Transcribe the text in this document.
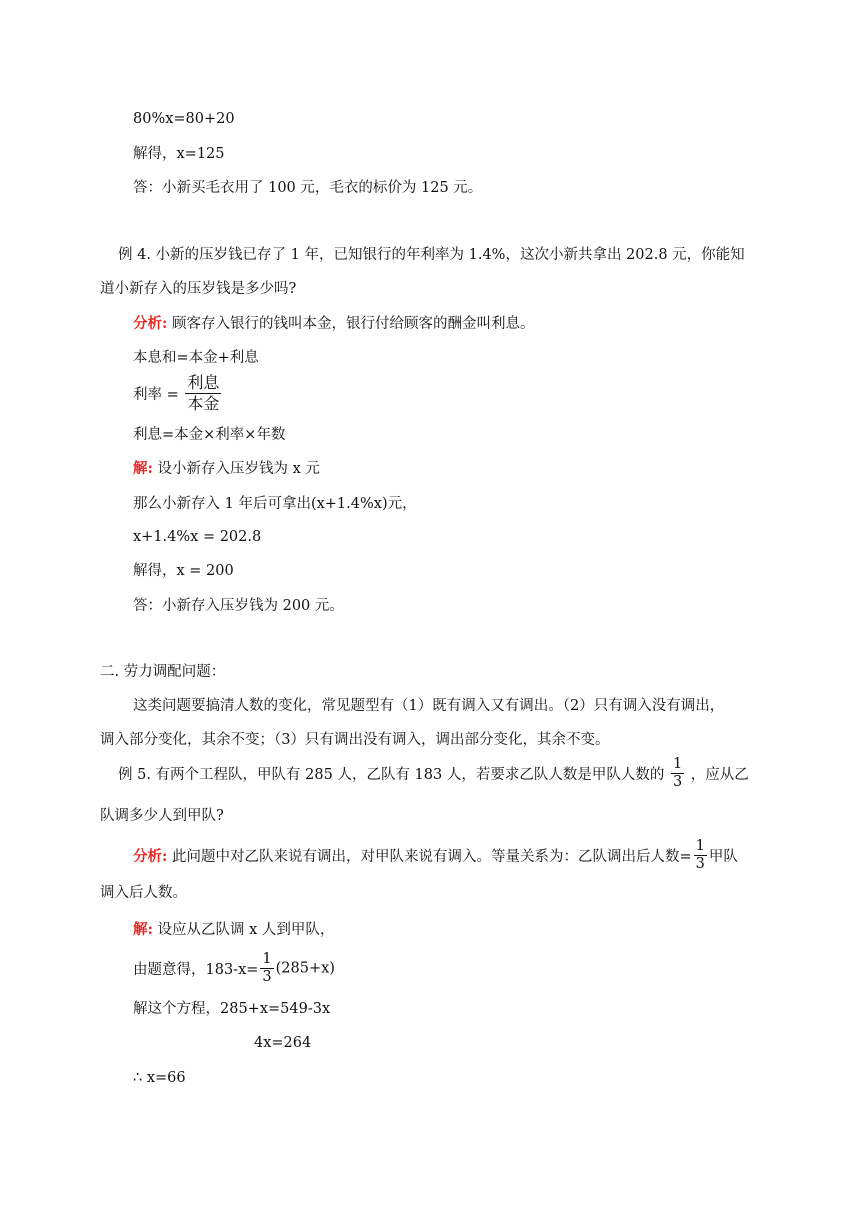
80%x=80+20
解得，x=125
答：小新买毛衣用了 100 元，毛衣的标价为 125 元。
例 4. 小新的压岁钱已存了 1 年，已知银行的年利率为 1.4%，这次小新共拿出 202.8 元，你能知
道小新存入的压岁钱是多少吗?
分析: 顾客存入银行的钱叫本金，银行付给顾客的酬金叫利息。
本息和=本金+利息
利率 = $\frac{\text{利息}}{\text{本金}}$
利息=本金×利率×年数
解: 设小新存入压岁钱为 x 元
那么小新存入 1 年后可拿出(x+1.4%x)元，
x+1.4%x = 202.8
解得，x = 200
答：小新存入压岁钱为 200 元。
二. 劳力调配问题：
这类问题要搞清人数的变化，常见题型有（1）既有调入又有调出。（2）只有调入没有调出，
调入部分变化，其余不变；（3）只有调出没有调入，调出部分变化，其余不变。
例 5. 有两个工程队，甲队有 285 人，乙队有 183 人，若要求乙队人数是甲队人数的 $\frac{1}{3}$ ，应从乙
队调多少人到甲队?
分析: 此问题中对乙队来说有调出，对甲队来说有调入。等量关系为：乙队调出后人数= $\frac{1}{3}$ 甲队
调入后人数。
解: 设应从乙队调 x 人到甲队，
由题意得，$183-x= \frac{1}{3} (285+x)$
解这个方程，285+x=549-3x
4x=264
∴ x=66
